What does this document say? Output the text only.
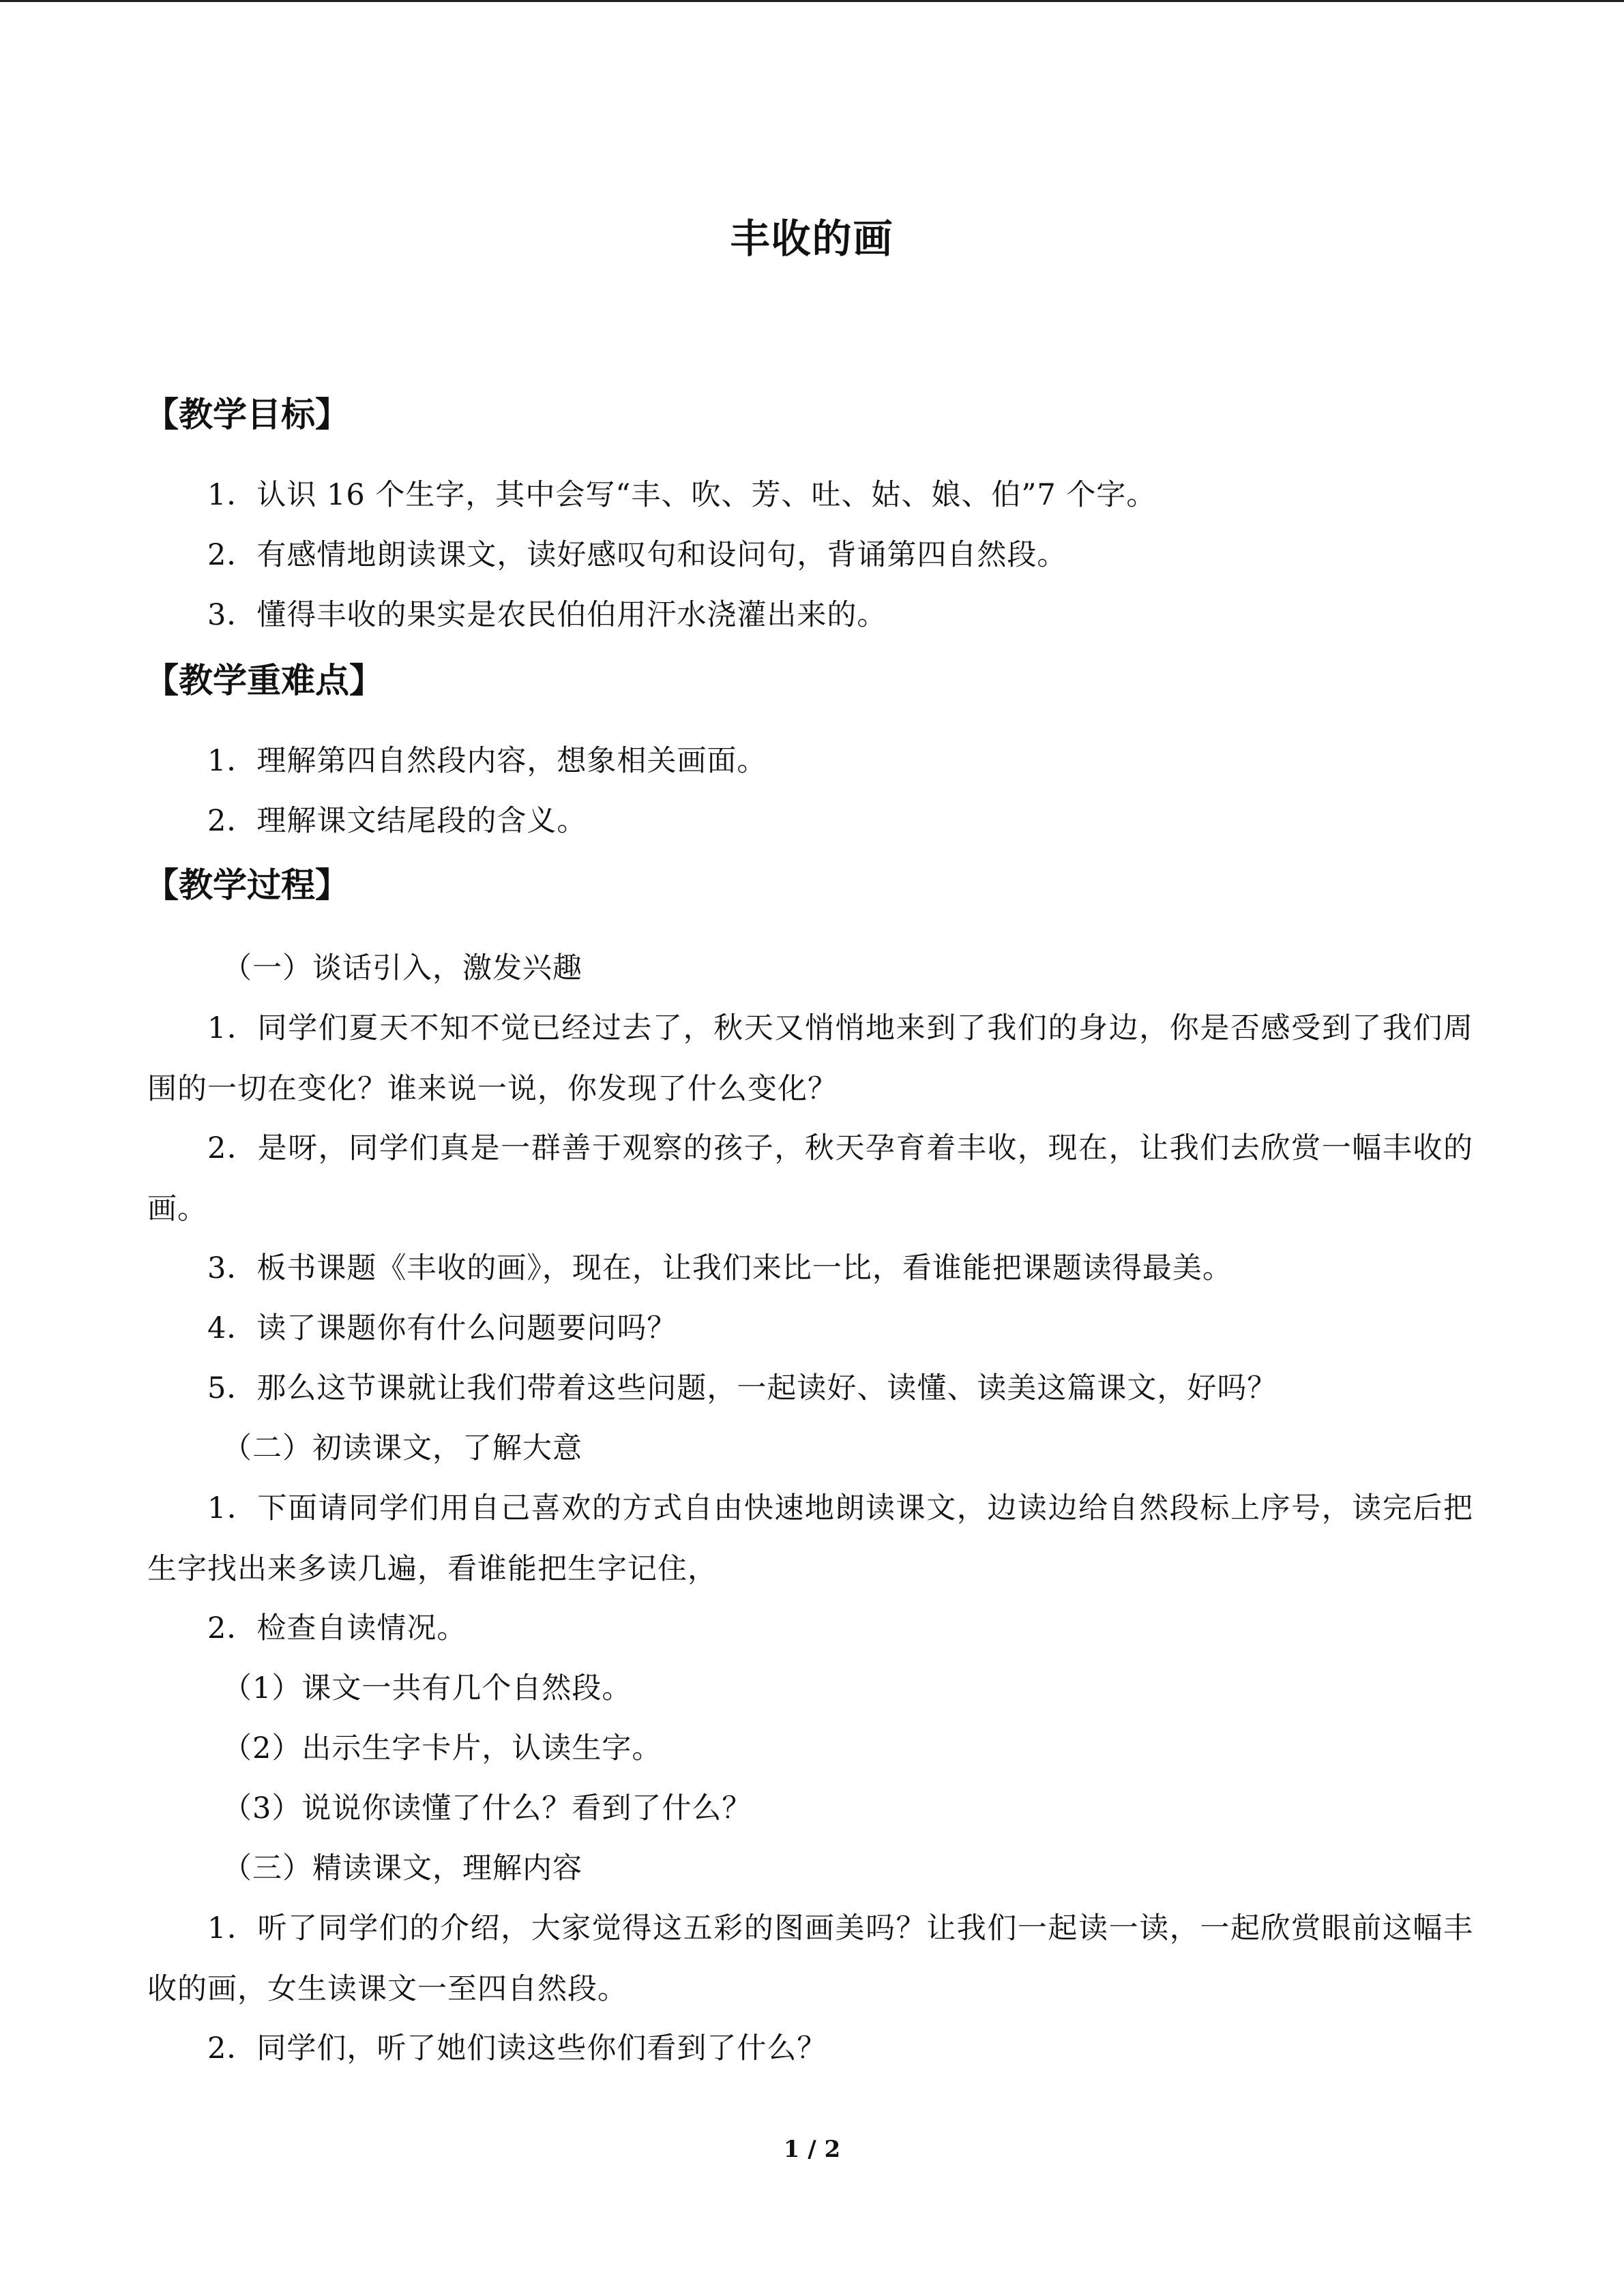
丰收的画
【教学目标】

1．认识 16 个生字，其中会写“丰、吹、芳、吐、姑、娘、伯”7 个字。

2．有感情地朗读课文，读好感叹句和设问句，背诵第四自然段。

3．懂得丰收的果实是农民伯伯用汗水浇灌出来的。

【教学重难点】

1．理解第四自然段内容，想象相关画面。

2．理解课文结尾段的含义。

【教学过程】

（一）谈话引入，激发兴趣

1．同学们夏天不知不觉已经过去了，秋天又悄悄地来到了我们的身边，你是否感受到了我们周围的一切在变化？谁来说一说，你发现了什么变化？

2．是呀，同学们真是一群善于观察的孩子，秋天孕育着丰收，现在，让我们去欣赏一幅丰收的画。

3．板书课题《丰收的画》，现在，让我们来比一比，看谁能把课题读得最美。

4．读了课题你有什么问题要问吗？

5．那么这节课就让我们带着这些问题，一起读好、读懂、读美这篇课文，好吗？

（二）初读课文，了解大意

1．下面请同学们用自己喜欢的方式自由快速地朗读课文，边读边给自然段标上序号，读完后把生字找出来多读几遍，看谁能把生字记住，

2．检查自读情况。

（1）课文一共有几个自然段。

（2）出示生字卡片，认读生字。

（3）说说你读懂了什么？看到了什么？

（三）精读课文，理解内容

1．听了同学们的介绍，大家觉得这五彩的图画美吗？让我们一起读一读，一起欣赏眼前这幅丰收的画，女生读课文一至四自然段。

2．同学们，听了她们读这些你们看到了什么？

1 / 2
